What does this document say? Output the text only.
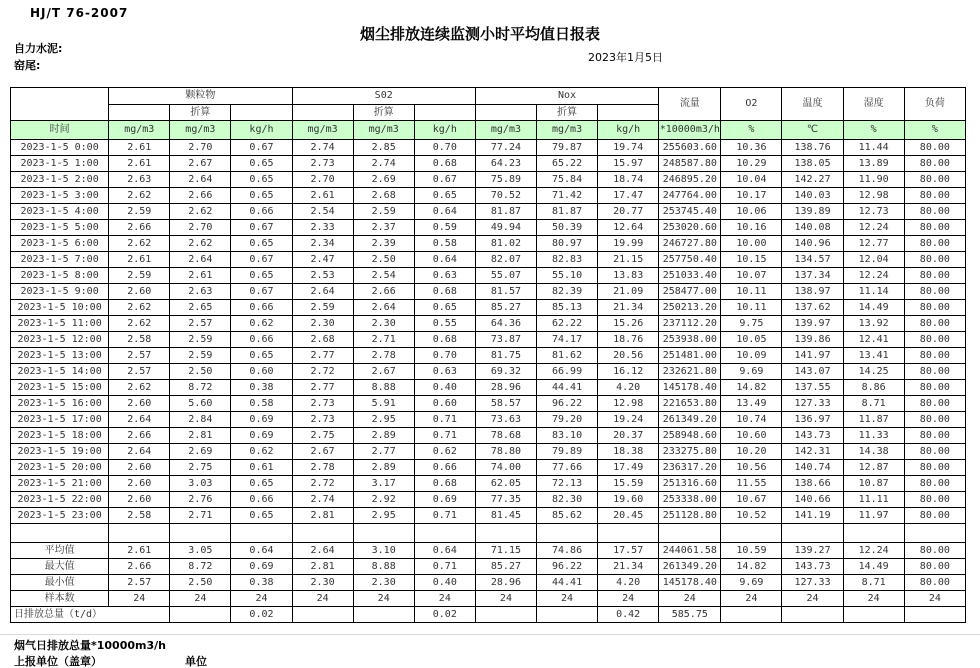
HJ/T 76-2007
烟尘排放连续监测小时平均值日报表
自力水泥:
窑尾:
2023年1月5日
	颗粒物			S02			Nox			流量	O2	温度	湿度	负荷
		折算			折算			折算						
时间	mg/m3	mg/m3	kg/h	mg/m3	mg/m3	kg/h	mg/m3	mg/m3	kg/h	*10000m3/h	%	℃	%	%
2023-1-5 0:00	2.61	2.70	0.67	2.74	2.85	0.70	77.24	79.87	19.74	255603.60	10.36	138.76	11.44	80.00
2023-1-5 1:00	2.61	2.67	0.65	2.73	2.74	0.68	64.23	65.22	15.97	248587.80	10.29	138.05	13.89	80.00
2023-1-5 2:00	2.63	2.64	0.65	2.70	2.69	0.67	75.89	75.84	18.74	246895.20	10.04	142.27	11.90	80.00
2023-1-5 3:00	2.62	2.66	0.65	2.61	2.68	0.65	70.52	71.42	17.47	247764.00	10.17	140.03	12.98	80.00
2023-1-5 4:00	2.59	2.62	0.66	2.54	2.59	0.64	81.87	81.87	20.77	253745.40	10.06	139.89	12.73	80.00
2023-1-5 5:00	2.66	2.70	0.67	2.33	2.37	0.59	49.94	50.39	12.64	253020.60	10.16	140.08	12.24	80.00
2023-1-5 6:00	2.62	2.62	0.65	2.34	2.39	0.58	81.02	80.97	19.99	246727.80	10.00	140.96	12.77	80.00
2023-1-5 7:00	2.61	2.64	0.67	2.47	2.50	0.64	82.07	82.83	21.15	257750.40	10.15	134.57	12.04	80.00
2023-1-5 8:00	2.59	2.61	0.65	2.53	2.54	0.63	55.07	55.10	13.83	251033.40	10.07	137.34	12.24	80.00
2023-1-5 9:00	2.60	2.63	0.67	2.64	2.66	0.68	81.57	82.39	21.09	258477.00	10.11	138.97	11.14	80.00
2023-1-5 10:00	2.62	2.65	0.66	2.59	2.64	0.65	85.27	85.13	21.34	250213.20	10.11	137.62	14.49	80.00
2023-1-5 11:00	2.62	2.57	0.62	2.30	2.30	0.55	64.36	62.22	15.26	237112.20	9.75	139.97	13.92	80.00
2023-1-5 12:00	2.58	2.59	0.66	2.68	2.71	0.68	73.87	74.17	18.76	253938.00	10.05	139.86	12.41	80.00
2023-1-5 13:00	2.57	2.59	0.65	2.77	2.78	0.70	81.75	81.62	20.56	251481.00	10.09	141.97	13.41	80.00
2023-1-5 14:00	2.57	2.50	0.60	2.72	2.67	0.63	69.32	66.99	16.12	232621.80	9.69	143.07	14.25	80.00
2023-1-5 15:00	2.62	8.72	0.38	2.77	8.88	0.40	28.96	44.41	4.20	145178.40	14.82	137.55	8.86	80.00
2023-1-5 16:00	2.60	5.60	0.58	2.73	5.91	0.60	58.57	96.22	12.98	221653.80	13.49	127.33	8.71	80.00
2023-1-5 17:00	2.64	2.84	0.69	2.73	2.95	0.71	73.63	79.20	19.24	261349.20	10.74	136.97	11.87	80.00
2023-1-5 18:00	2.66	2.81	0.69	2.75	2.89	0.71	78.68	83.10	20.37	258948.60	10.60	143.73	11.33	80.00
2023-1-5 19:00	2.64	2.69	0.62	2.67	2.77	0.62	78.80	79.89	18.38	233275.80	10.20	142.31	14.38	80.00
2023-1-5 20:00	2.60	2.75	0.61	2.78	2.89	0.66	74.00	77.66	17.49	236317.20	10.56	140.74	12.87	80.00
2023-1-5 21:00	2.60	3.03	0.65	2.72	3.17	0.68	62.05	72.13	15.59	251316.60	11.55	138.66	10.87	80.00
2023-1-5 22:00	2.60	2.76	0.66	2.74	2.92	0.69	77.35	82.30	19.60	253338.00	10.67	140.66	11.11	80.00
2023-1-5 23:00	2.58	2.71	0.65	2.81	2.95	0.71	81.45	85.62	20.45	251128.80	10.52	141.19	11.97	80.00

平均值	2.61	3.05	0.64	2.64	3.10	0.64	71.15	74.86	17.57	244061.58	10.59	139.27	12.24	80.00
最大值	2.66	8.72	0.69	2.81	8.88	0.71	85.27	96.22	21.34	261349.20	14.82	143.73	14.49	80.00
最小值	2.57	2.50	0.38	2.30	2.30	0.40	28.96	44.41	4.20	145178.40	9.69	127.33	8.71	80.00
样本数	24	24	24	24	24	24	24	24	24	24	24	24	24	24
日排放总量（t/d）			0.02			0.02			0.42	585.75				
烟气日排放总量*10000m3/h
上报单位（盖章）	单位
